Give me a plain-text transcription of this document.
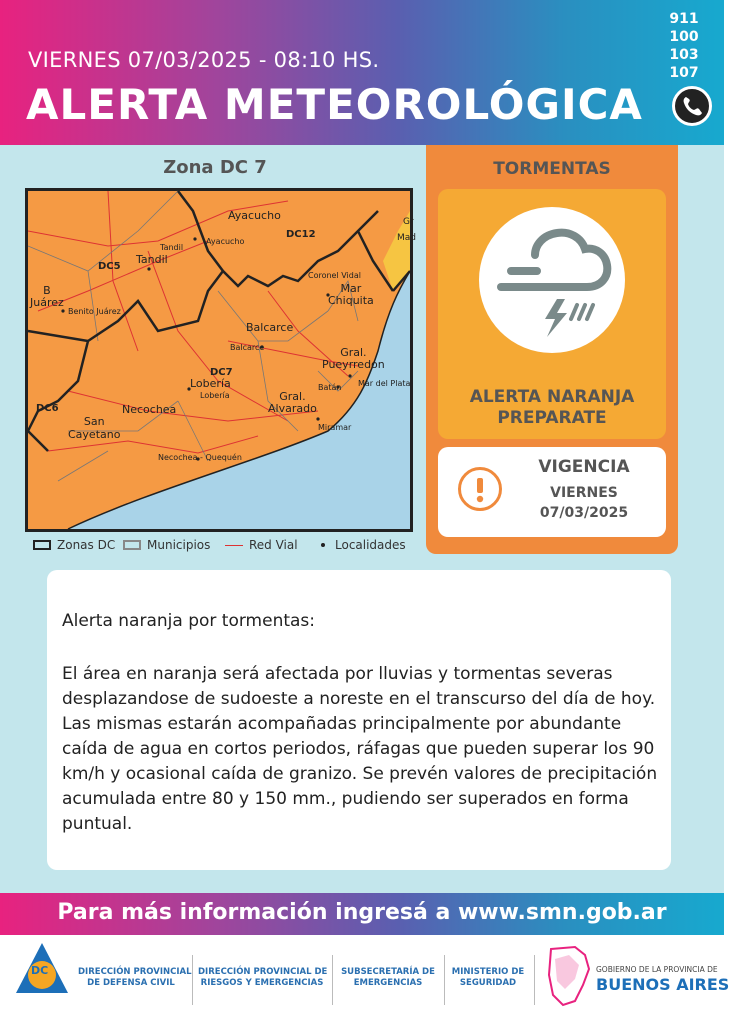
VIERNES 07/03/2025 - 08:10 HS.
ALERTA METEOROLÓGICA
911
100
103
107
Zona DC 7
Ayacucho
Ayacucho
DC12	Mad
Gr
Tandil
Tandil
DC5
Coronel Vidal
Mar
Chiquita
Benito Juárez
B
Juárez
Balcarce
Balcarce	Gral.
Pueyrredon
DC7
Lobería
Lobería
Batán Mar del Plata
Gral.
Alvarado
DC6	Necochea
San
Cayetano
Miramar
Necochea - Quequén
Zonas DC	Municipios	Red Vial	Localidades
TORMENTAS
ALERTA NARANJA
PREPARATE
VIGENCIA
VIERNES
07/03/2025
Alerta naranja por tormentas:
El área en naranja será afectada por lluvias y tormentas severas desplazandose de sudoeste a noreste en el transcurso del día de hoy. Las mismas estarán acompañadas principalmente por abundante caída de agua en cortos periodos, ráfagas que pueden superar los 90 km/h y ocasional caída de granizo. Se prevén valores de precipitación acumulada entre 80 y 150 mm., pudiendo ser superados en forma puntual.
Para más información ingresá a www.smn.gob.ar
DC	DIRECCIÓN PROVINCIAL
DE DEFENSA CIVIL
DIRECCIÓN PROVINCIAL DE
RIESGOS Y EMERGENCIAS
SUBSECRETARÍA DE
EMERGENCIAS
MINISTERIO DE
SEGURIDAD
GOBIERNO DE LA PROVINCIA DE
BUENOS AIRES
